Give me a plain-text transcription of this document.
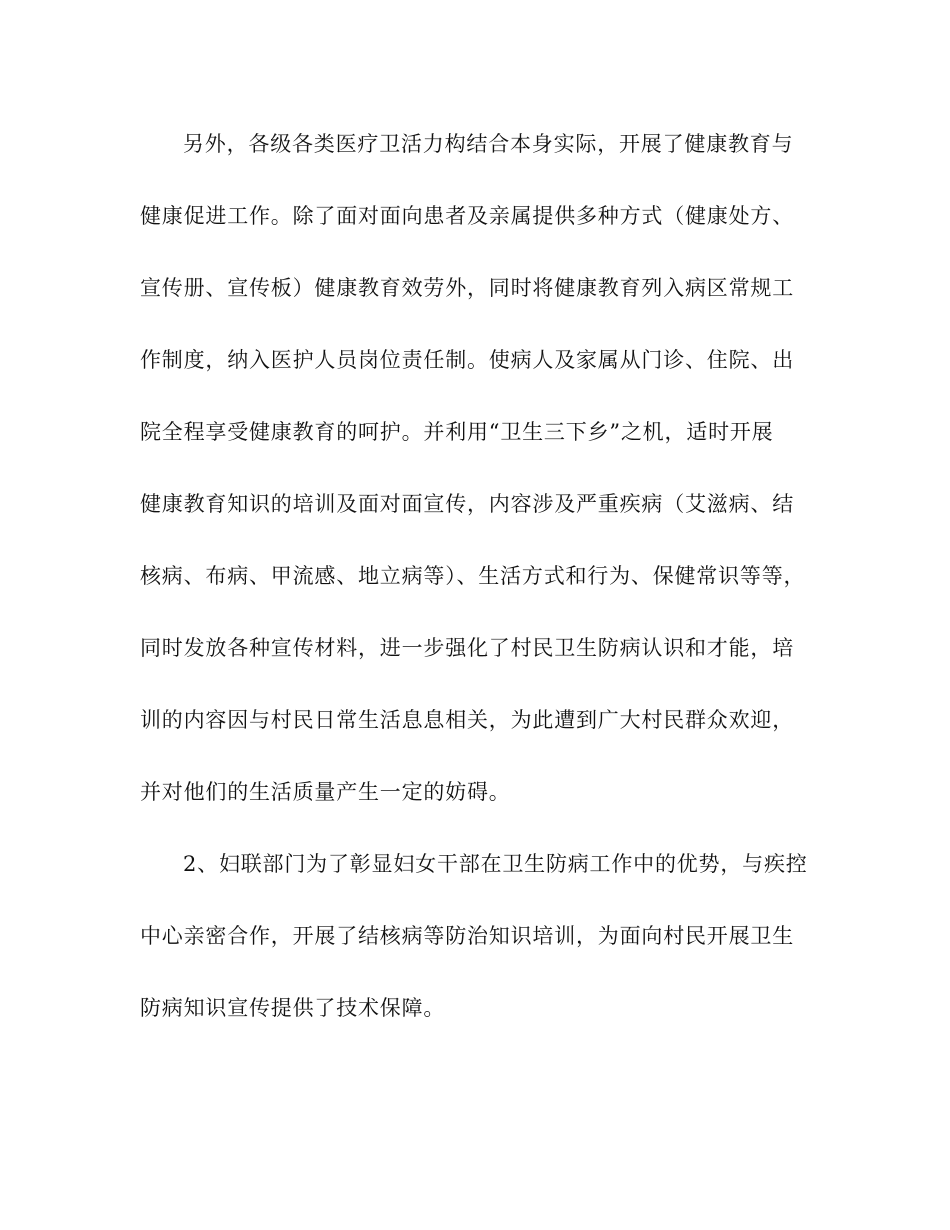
另外，各级各类医疗卫活力构结合本身实际，开展了健康教育与
健康促进工作。除了面对面向患者及亲属提供多种方式（健康处方、
宣传册、宣传板）健康教育效劳外，同时将健康教育列入病区常规工
作制度，纳入医护人员岗位责任制。使病人及家属从门诊、住院、出
院全程享受健康教育的呵护。并利用“卫生三下乡”之机，适时开展
健康教育知识的培训及面对面宣传，内容涉及严重疾病（艾滋病、结
核病、布病、甲流感、地立病等）、生活方式和行为、保健常识等等，
同时发放各种宣传材料，进一步强化了村民卫生防病认识和才能，培
训的内容因与村民日常生活息息相关，为此遭到广大村民群众欢迎，
并对他们的生活质量产生一定的妨碍。
2、妇联部门为了彰显妇女干部在卫生防病工作中的优势，与疾控
中心亲密合作，开展了结核病等防治知识培训，为面向村民开展卫生
防病知识宣传提供了技术保障。
